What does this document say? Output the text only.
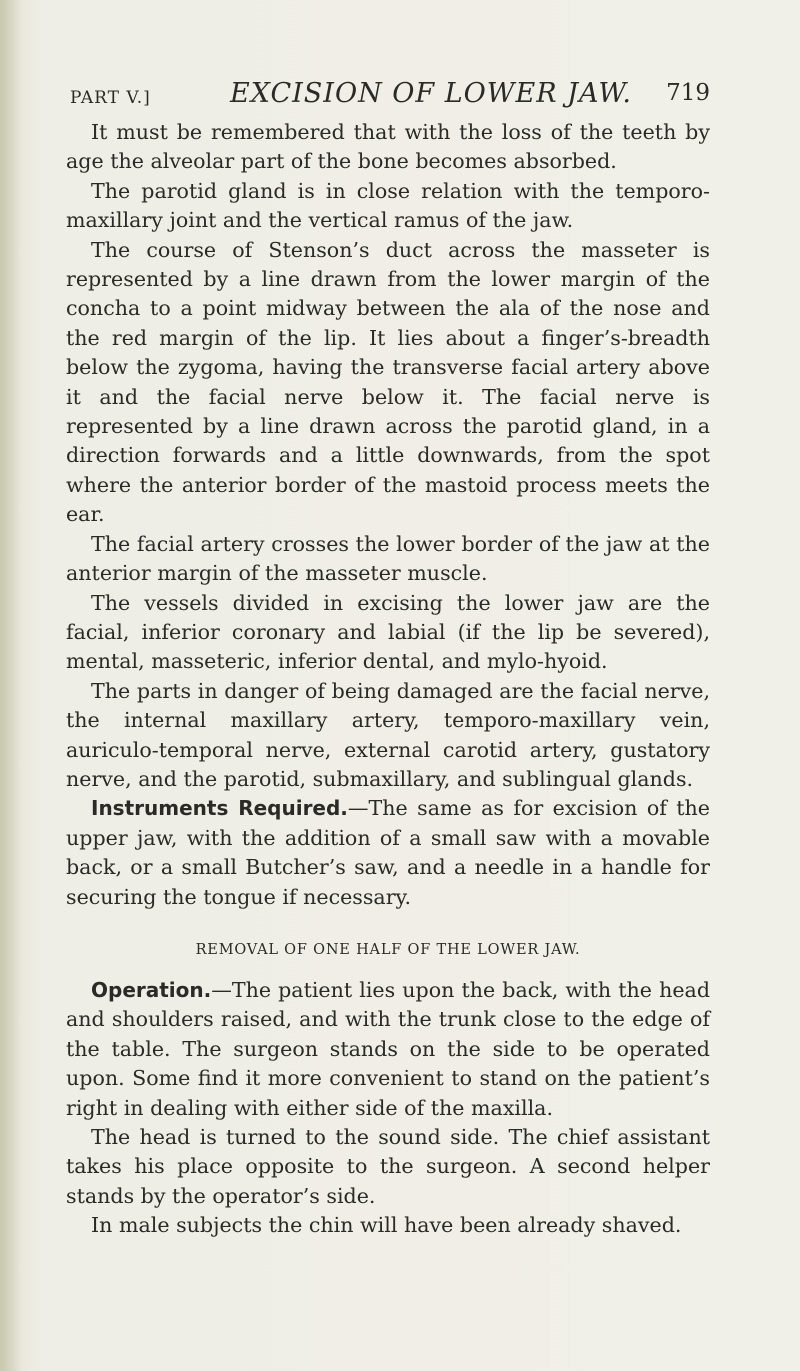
PART V.]	EXCISION OF LOWER JAW. 719

It must be remembered that with the loss of the teeth by age the alveolar part of the bone becomes absorbed.

The parotid gland is in close relation with the temporo-maxillary joint and the vertical ramus of the jaw.

The course of Stenson’s duct across the masseter is represented by a line drawn from the lower margin of the concha to a point midway between the ala of the nose and the red margin of the lip. It lies about a finger’s-breadth below the zygoma, having the transverse facial artery above it and the facial nerve below it. The facial nerve is represented by a line drawn across the parotid gland, in a direction forwards and a little downwards, from the spot where the anterior border of the mastoid process meets the ear.

The facial artery crosses the lower border of the jaw at the anterior margin of the masseter muscle.

The vessels divided in excising the lower jaw are the facial, inferior coronary and labial (if the lip be severed), mental, masseteric, inferior dental, and mylo-hyoid.

The parts in danger of being damaged are the facial nerve, the internal maxillary artery, temporo-maxillary vein, auriculo-temporal nerve, external carotid artery, gustatory nerve, and the parotid, submaxillary, and sublingual glands.

Instruments Required.—The same as for excision of the upper jaw, with the addition of a small saw with a movable back, or a small Butcher’s saw, and a needle in a handle for securing the tongue if necessary.

REMOVAL OF ONE HALF OF THE LOWER JAW.

Operation.—The patient lies upon the back, with the head and shoulders raised, and with the trunk close to the edge of the table. The surgeon stands on the side to be operated upon. Some find it more convenient to stand on the patient’s right in dealing with either side of the maxilla.

The head is turned to the sound side. The chief assistant takes his place opposite to the surgeon. A second helper stands by the operator’s side.

In male subjects the chin will have been already shaved.
